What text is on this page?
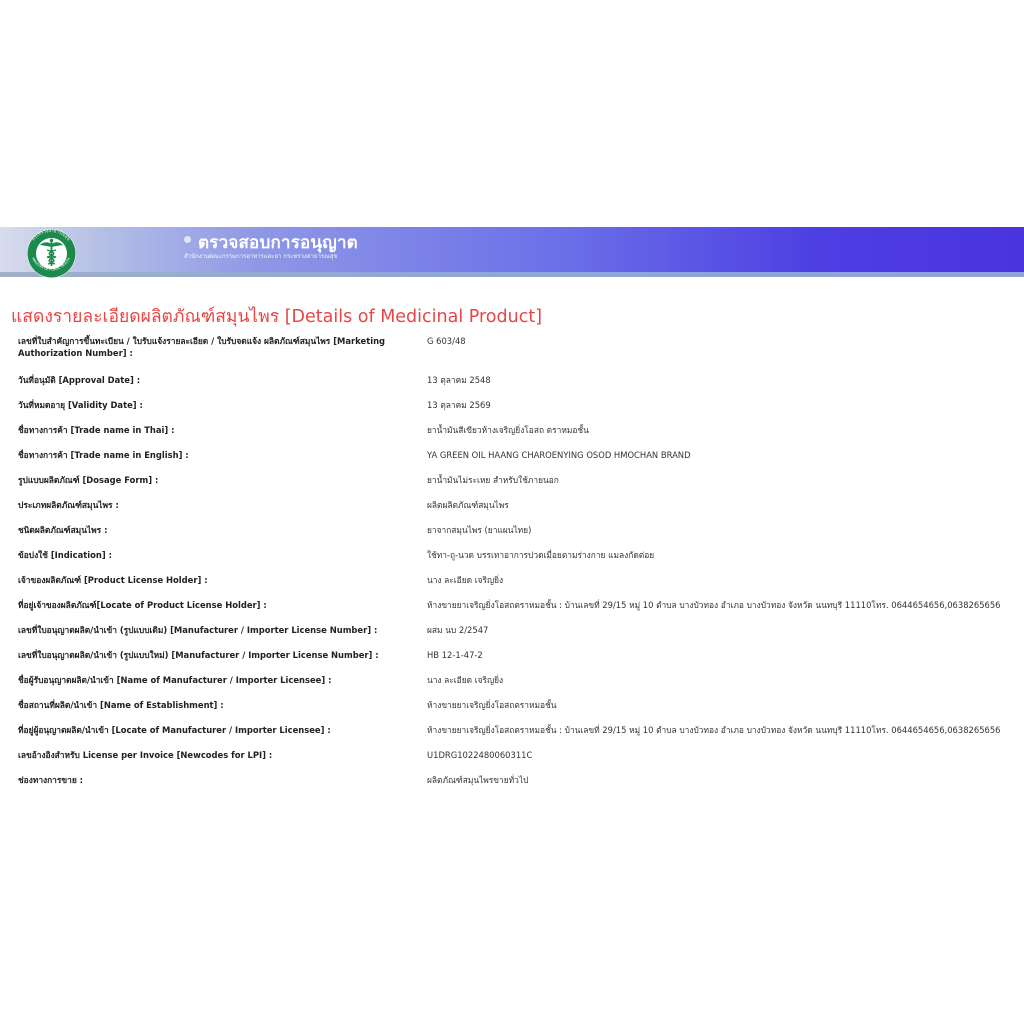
กระทรวงสาธารณสุข
MINISTRY OF PUBLIC HEALTH
ตรวจสอบการอนุญาต
สำนักงานคณะกรรมการอาหารและยา กระทรวงสาธารณสุข
แสดงรายละเอียดผลิตภัณฑ์สมุนไพร [Details of Medicinal Product]
เลขที่ใบสำคัญการขึ้นทะเบียน / ใบรับแจ้งรายละเอียด / ใบรับจดแจ้ง ผลิตภัณฑ์สมุนไพร [Marketing Authorization Number] :
G 603/48
วันที่อนุมัติ [Approval Date] :	13 ตุลาคม 2548
วันที่หมดอายุ [Validity Date] :	13 ตุลาคม 2569
ชื่อทางการค้า [Trade name in Thai] :	ยาน้ำมันสีเขียวห้างเจริญยิ่งโอสถ ตราหมอชั้น
ชื่อทางการค้า [Trade name in English] :	YA GREEN OIL HAANG CHAROENYING OSOD HMOCHAN BRAND
รูปแบบผลิตภัณฑ์ [Dosage Form] :	ยาน้ำมันไม่ระเหย สำหรับใช้ภายนอก
ประเภทผลิตภัณฑ์สมุนไพร :	ผลิตผลิตภัณฑ์สมุนไพร
ชนิดผลิตภัณฑ์สมุนไพร :	ยาจากสมุนไพร (ยาแผนไทย)
ข้อบ่งใช้ [Indication] :	ใช้ทา-ถู-นวด บรรเทาอาการปวดเมื่อยตามร่างกาย แมลงกัดต่อย
เจ้าของผลิตภัณฑ์ [Product License Holder] :	นาง ละเอียด เจริญยิ่ง
ที่อยู่เจ้าของผลิตภัณฑ์[Locate of Product License Holder] :	ห้างขายยาเจริญยิ่งโอสถตราหมอชั้น : บ้านเลขที่ 29/15 หมู่ 10 ตำบล บางบัวทอง อำเภอ บางบัวทอง จังหวัด นนทบุรี 11110โทร. 0644654656,0638265656
เลขที่ใบอนุญาตผลิต/นำเข้า (รูปแบบเดิม) [Manufacturer / Importer License Number] :	ผสม นบ 2/2547
เลขที่ใบอนุญาตผลิต/นำเข้า (รูปแบบใหม่) [Manufacturer / Importer License Number] :	HB 12-1-47-2
ชื่อผู้รับอนุญาตผลิต/นำเข้า [Name of Manufacturer / Importer Licensee] :	นาง ละเอียด เจริญยิ่ง
ชื่อสถานที่ผลิต/นำเข้า [Name of Establishment] :	ห้างขายยาเจริญยิ่งโอสถตราหมอชั้น
ที่อยู่ผู้อนุญาตผลิต/นำเข้า [Locate of Manufacturer / Importer Licensee] :	ห้างขายยาเจริญยิ่งโอสถตราหมอชั้น : บ้านเลขที่ 29/15 หมู่ 10 ตำบล บางบัวทอง อำเภอ บางบัวทอง จังหวัด นนทบุรี 11110โทร. 0644654656,0638265656
เลขอ้างอิงสำหรับ License per Invoice [Newcodes for LPI] :	U1DRG1022480060311C
ช่องทางการขาย :	ผลิตภัณฑ์สมุนไพรขายทั่วไป
